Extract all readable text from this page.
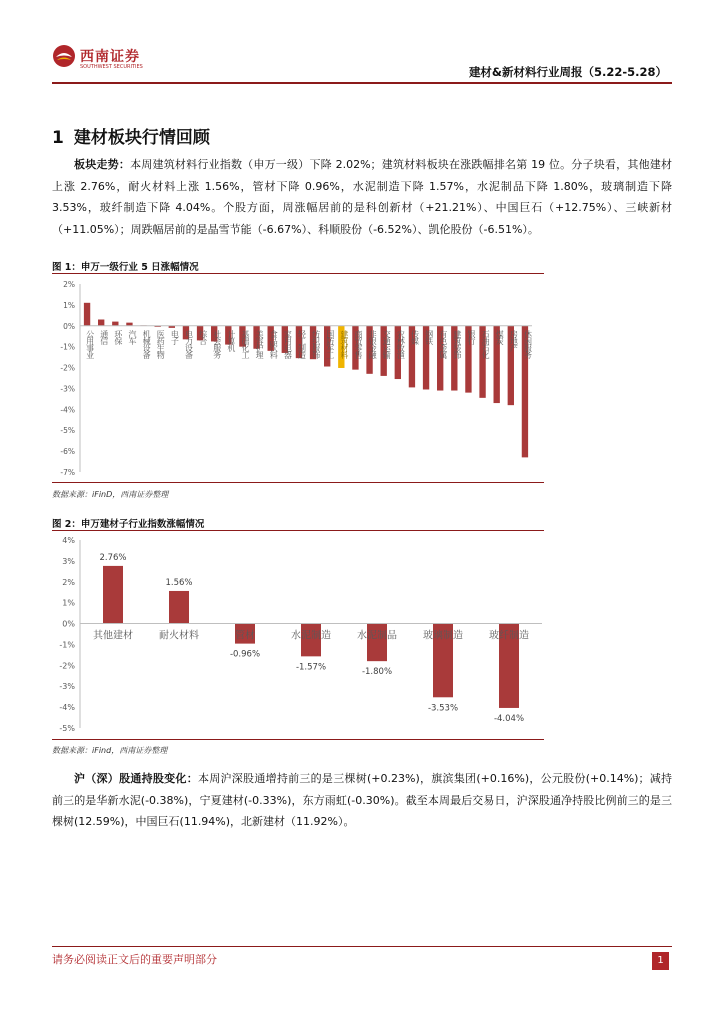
西南证券
SOUTHWEST SECURITIES	建材&新材料行业周报（5.22-5.28）
1 建材板块行情回顾
板块走势：本周建筑材料行业指数（申万一级）下降 2.02%；建筑材料板块在涨跌幅排名第 19 位。分子块看，其他建材上涨 2.76%，耐火材料上涨 1.56%，管材下降 0.96%，水泥制造下降 1.57%，水泥制品下降 1.80%，玻璃制造下降 3.53%，玻纤制造下降 4.04%。个股方面，周涨幅居前的是科创新材（+21.21%）、中国巨石（+12.75%）、三峡新材（+11.05%）；周跌幅居前的是晶雪节能（-6.67%）、科顺股份（-6.52%）、凯伦股份（-6.51%）。
图 1：申万一级行业 5 日涨幅情况
2%
1%
0%
-1%
-2%
-3%
-4%
-5%
-6%
-7%
公用事业 通信 环保 汽车 机械设备 医药生物 电子 电力设备 综合 社会服务 计算机 基础化工 美容护理 食品饮料 家用电器 轻工制造 纺织服饰 国防军工 建筑材料 商贸零售 非银金融 交通运输 农林牧渔 传媒 钢铁 有色金属 建筑装饰 银行 石油石化 煤炭 房地产 休闲服务
数据来源：iFinD，西南证券整理
图 2：申万建材子行业指数涨幅情况
4%
3%
2%
1%
0%
-1%
-2%
-3%
-4%
-5%
2.76%
1.56%
-0.96%
-1.57%	-1.80%
-3.53%
-4.04%
其他建材	耐火材料	管材	水泥制造	水泥制品	玻璃制造	玻纤制造
数据来源：iFind，西南证券整理
沪（深）股通持股变化：本周沪深股通增持前三的是三棵树(+0.23%)，旗滨集团(+0.16%)，公元股份(+0.14%)；减持前三的是华新水泥(-0.38%)，宁夏建材(-0.33%)，东方雨虹(-0.30%)。截至本周最后交易日，沪深股通净持股比例前三的是三棵树(12.59%)，中国巨石(11.94%)，北新建材（11.92%）。
请务必阅读正文后的重要声明部分	1
